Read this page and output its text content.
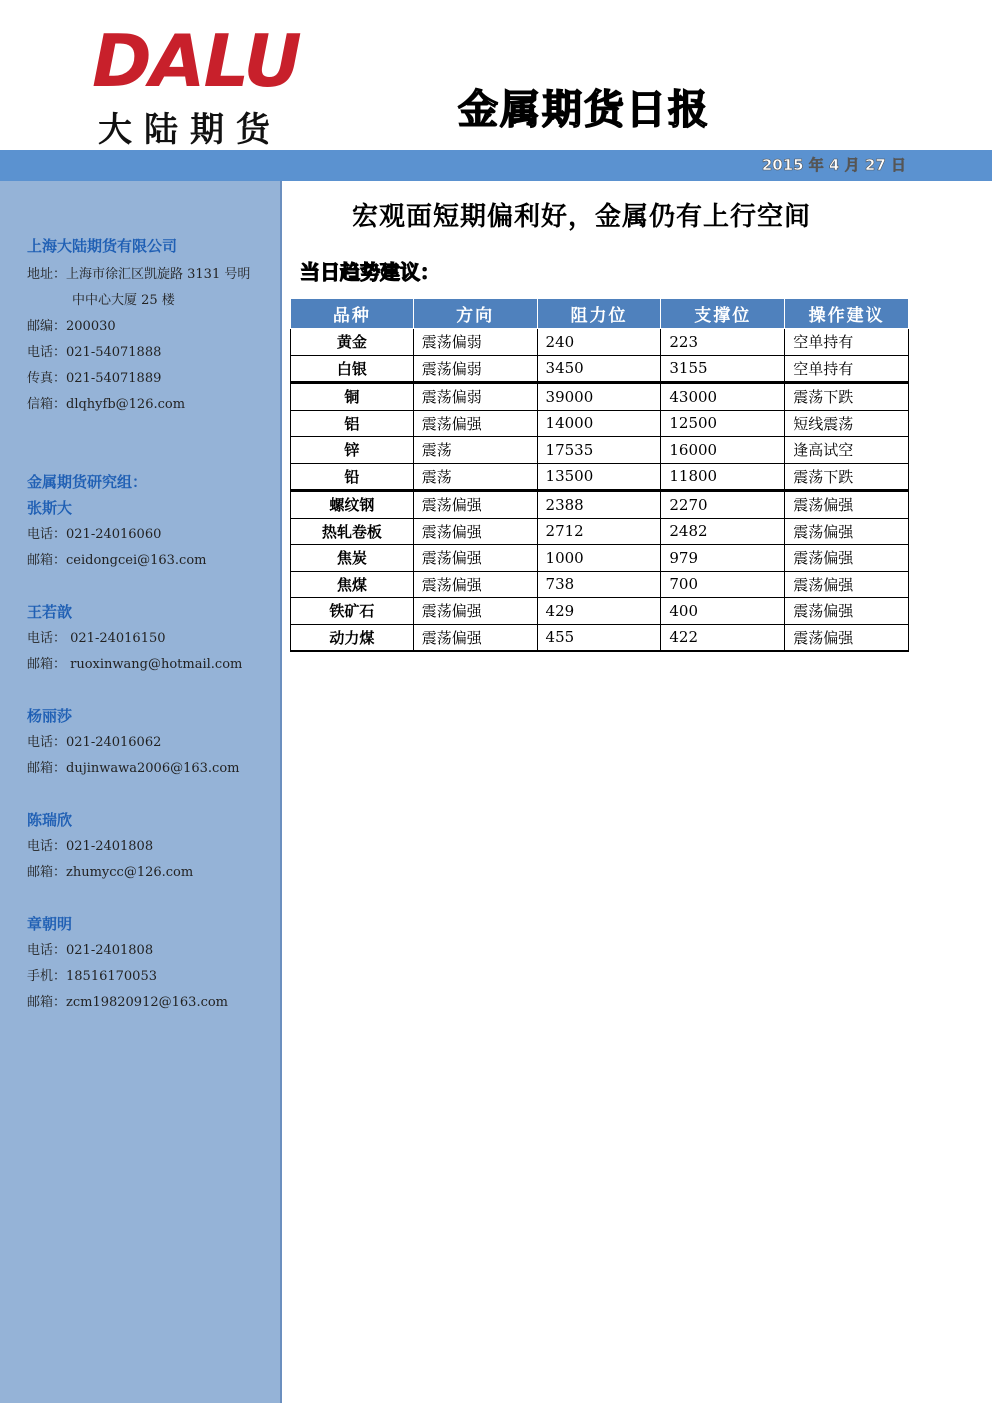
DALU
大陆期货	金属期货日报
2015 年 4 月 27 日
上海大陆期货有限公司
地址：上海市徐汇区凯旋路 3131 号明
中中心大厦 25 楼
邮编：200030
电话：021-54071888
传真：021-54071889
信箱：dlqhyfb@126.com
金属期货研究组：
张斯大
电话：021-24016060
邮箱：ceidongcei@163.com
王若歆
电话： 021-24016150
邮箱： ruoxinwang@hotmail.com
杨丽莎
电话：021-24016062
邮箱：dujinwawa2006@163.com
陈瑞欣
电话：021-2401808
邮箱：zhumycc@126.com
章朝明
电话：021-2401808
手机：18516170053
邮箱：zcm19820912@163.com
宏观面短期偏利好，金属仍有上行空间
当日趋势建议：
品种	方向	阻力位	支撑位	操作建议
黄金	震荡偏弱	240	223	空单持有
白银	震荡偏弱	3450	3155	空单持有
铜	震荡偏弱	39000	43000	震荡下跌
铝	震荡偏强	14000	12500	短线震荡
锌	震荡	17535	16000	逢高试空
铅	震荡	13500	11800	震荡下跌
螺纹钢	震荡偏强	2388	2270	震荡偏强
热轧卷板	震荡偏强	2712	2482	震荡偏强
焦炭	震荡偏强	1000	979	震荡偏强
焦煤	震荡偏强	738	700	震荡偏强
铁矿石	震荡偏强	429	400	震荡偏强
动力煤	震荡偏强	455	422	震荡偏强
